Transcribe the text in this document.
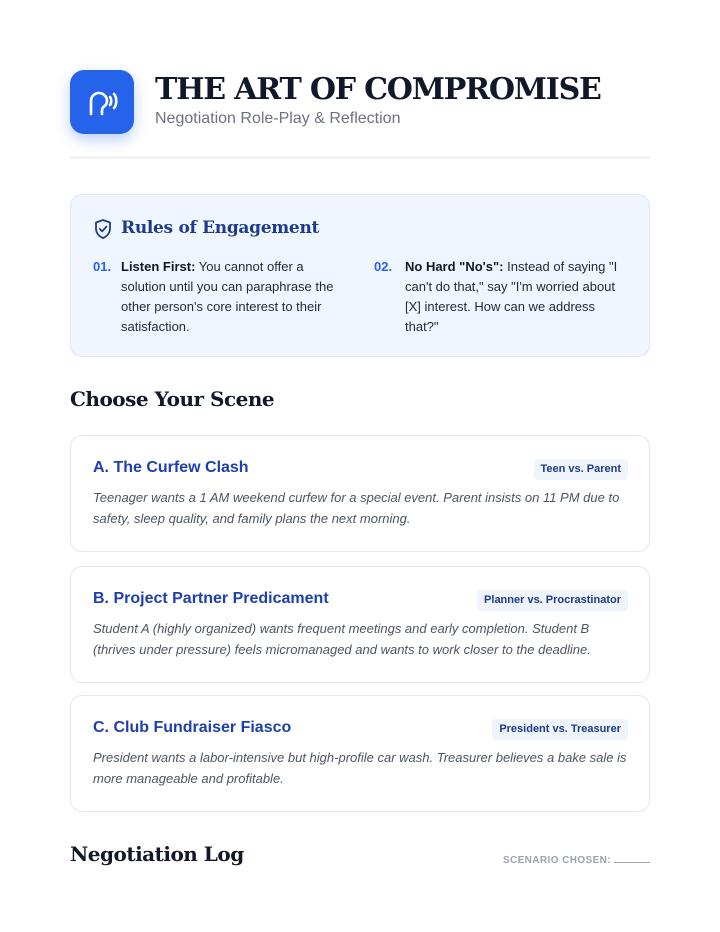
THE ART OF COMPROMISE
Negotiation Role-Play & Reflection
Rules of Engagement
01. Listen First: You cannot offer a solution until you can paraphrase the other person's core interest to their satisfaction.
02. No Hard "No's": Instead of saying "I can't do that," say "I'm worried about [X] interest. How can we address that?"
Choose Your Scene
A. The Curfew Clash	Teen vs. Parent
Teenager wants a 1 AM weekend curfew for a special event. Parent insists on 11 PM due to safety, sleep quality, and family plans the next morning.
B. Project Partner Predicament	Planner vs. Procrastinator
Student A (highly organized) wants frequent meetings and early completion. Student B (thrives under pressure) feels micromanaged and wants to work closer to the deadline.
C. Club Fundraiser Fiasco	President vs. Treasurer
President wants a labor-intensive but high-profile car wash. Treasurer believes a bake sale is more manageable and profitable.
Negotiation Log	SCENARIO CHOSEN:
